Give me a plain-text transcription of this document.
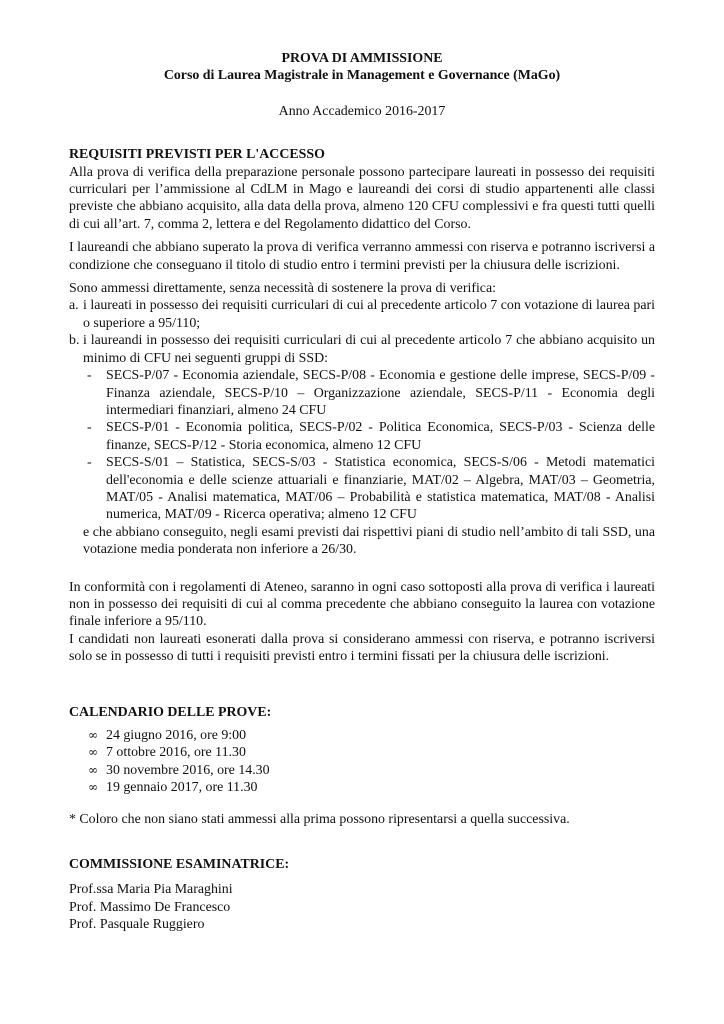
PROVA DI AMMISSIONE
Corso di Laurea Magistrale in Management e Governance (MaGo)
Anno Accademico 2016-2017
REQUISITI PREVISTI PER L'ACCESSO

Alla prova di verifica della preparazione personale possono partecipare laureati in possesso dei requisiti curriculari per l’ammissione al CdLM in Mago e laureandi dei corsi di studio appartenenti alle classi previste che abbiano acquisito, alla data della prova, almeno 120 CFU complessivi e fra questi tutti quelli di cui all’art. 7, comma 2, lettera e del Regolamento didattico del Corso.

I laureandi che abbiano superato la prova di verifica verranno ammessi con riserva e potranno iscriversi a condizione che conseguano il titolo di studio entro i termini previsti per la chiusura delle iscrizioni.

Sono ammessi direttamente, senza necessità di sostenere la prova di verifica:

a. i laureati in possesso dei requisiti curriculari di cui al precedente articolo 7 con votazione di laurea pari o superiore a 95/110;
b. i laureandi in possesso dei requisiti curriculari di cui al precedente articolo 7 che abbiano acquisito un minimo di CFU nei seguenti gruppi di SSD:
- SECS-P/07 - Economia aziendale, SECS-P/08 - Economia e gestione delle imprese, SECS-P/09 - Finanza aziendale, SECS-P/10 – Organizzazione aziendale, SECS-P/11 - Economia degli intermediari finanziari, almeno 24 CFU
- SECS-P/01 - Economia politica, SECS-P/02 - Politica Economica, SECS-P/03 - Scienza delle finanze, SECS-P/12 - Storia economica, almeno 12 CFU
- SECS-S/01 – Statistica, SECS-S/03 - Statistica economica, SECS-S/06 - Metodi matematici dell'economia e delle scienze attuariali e finanziarie, MAT/02 – Algebra, MAT/03 – Geometria, MAT/05 - Analisi matematica, MAT/06 – Probabilità e statistica matematica, MAT/08 - Analisi numerica, MAT/09 - Ricerca operativa; almeno 12 CFU
e che abbiano conseguito, negli esami previsti dai rispettivi piani di studio nell’ambito di tali SSD, una votazione media ponderata non inferiore a 26/30.

In conformità con i regolamenti di Ateneo, saranno in ogni caso sottoposti alla prova di verifica i laureati non in possesso dei requisiti di cui al comma precedente che abbiano conseguito la laurea con votazione finale inferiore a 95/110.

I candidati non laureati esonerati dalla prova si considerano ammessi con riserva, e potranno iscriversi solo se in possesso di tutti i requisiti previsti entro i termini fissati per la chiusura delle iscrizioni.

CALENDARIO DELLE PROVE:
∞ 24 giugno 2016, ore 9:00
∞ 7 ottobre 2016, ore 11.30
∞ 30 novembre 2016, ore 14.30
∞ 19 gennaio 2017, ore 11.30

* Coloro che non siano stati ammessi alla prima possono ripresentarsi a quella successiva.

COMMISSIONE ESAMINATRICE:
Prof.ssa Maria Pia Maraghini
Prof. Massimo De Francesco
Prof. Pasquale Ruggiero
